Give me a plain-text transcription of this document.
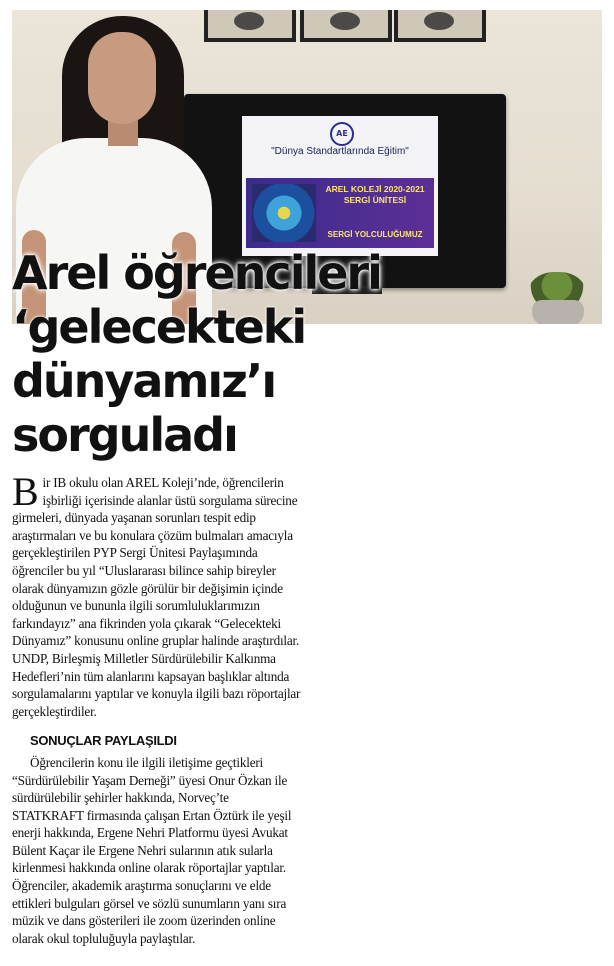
AE
"Dünya Standartlarında Eğitim"
AREL KOLEJİ 2020-2021 SERGİ ÜNİTESİ
SERGİ YOLCULUĞUMUZ
Arel öğrencileri
‘gelecekteki
dünyamız’ı
sorguladı

Bir IB okulu olan AREL Koleji’nde, öğrencilerin işbirliği içerisinde alanlar üstü sorgulama sürecine girmeleri, dünyada yaşanan sorunları tespit edip araştırmaları ve bu konulara çözüm bulmaları amacıyla gerçekleştirilen PYP Sergi Ünitesi Paylaşımında öğrenciler bu yıl “Uluslararası bilince sahip bireyler olarak dünyamızın gözle görülür bir değişimin içinde olduğunun ve bununla ilgili sorumluluklarımızın farkındayız” ana fikrinden yola çıkarak “Gelecekteki Dünyamız” konusunu online gruplar halinde araştırdılar. UNDP, Birleşmiş Milletler Sürdürülebilir Kalkınma Hedefleri’nin tüm alanlarını kapsayan başlıklar altında sorgulamalarını yaptılar ve konuyla ilgili bazı röportajlar gerçekleştirdiler.

SONUÇLAR PAYLAŞILDI

Öğrencilerin konu ile ilgili iletişime geçtikleri “Sürdürülebilir Yaşam Derneği” üyesi Onur Özkan ile sürdürülebilir şehirler hakkında, Norveç’te STATKRAFT firmasında çalışan Ertan Öztürk ile yeşil enerji hakkında, Ergene Nehri Platformu üyesi Avukat Bülent Kaçar ile Ergene Nehri sularının atık sularla kirlenmesi hakkında online olarak röportajlar yaptılar. Öğrenciler, akademik araştırma sonuçlarını ve elde ettikleri bulguları görsel ve sözlü sunumların yanı sıra müzik ve dans gösterileri ile zoom üzerinden online olarak okul topluluğuyla paylaştılar.
